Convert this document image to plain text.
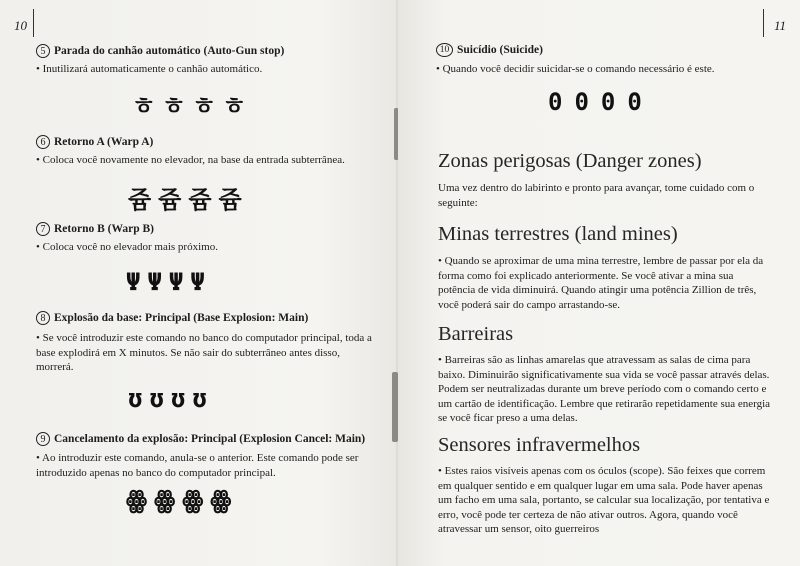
10
5 Parada do canhão automático (Auto-Gun stop)
• Inutilizará automaticamente o canhão automático.
ㅎㅎㅎㅎ
6 Retorno A (Warp A)
• Coloca você novamente no elevador, na base da entrada subterrânea.
쥼쥼쥼쥼
7 Retorno B (Warp B)
• Coloca você no elevador mais próximo.
ΨΨΨΨ
8 Explosão da base: Principal (Base Explosion: Main)
• Se você introduzir este comando no banco do computador principal, toda a base explodirá em X minutos. Se não sair do subterrâneo antes disso, morrerá.
ʊʊʊʊ
9 Cancelamento da explosão: Principal (Explosion Cancel: Main)
• Ao introduzir este comando, anula-se o anterior. Este comando pode ser introduzido apenas no banco do computador principal.
ꙮꙮꙮꙮ
11
10 Suicídio (Suicide)
• Quando você decidir suicidar-se o comando necessário é este.
0000
Zonas perigosas (Danger zones)
Uma vez dentro do labirinto e pronto para avançar, tome cuidado com o seguinte:
Minas terrestres (land mines)
• Quando se aproximar de uma mina terrestre, lembre de passar por ela da forma como foi explicado anteriormente. Se você ativar a mina sua potência de vida diminuirá. Quando atingir uma potência Zillion de três, você poderá sair do campo arrastando-se.
Barreiras
• Barreiras são as linhas amarelas que atravessam as salas de cima para baixo. Diminuirão significativamente sua vida se você passar através delas. Podem ser neutralizadas durante um breve período com o comando certo e um cartão de identificação. Lembre que retirarão repetidamente sua energia se você ficar preso a uma delas.
Sensores infravermelhos
• Estes raios visíveis apenas com os óculos (scope). São feixes que correm em qualquer sentido e em qualquer lugar em uma sala. Pode haver apenas um facho em uma sala, portanto, se calcular sua localização, por tentativa e erro, você pode ter certeza de não ativar outros. Agora, quando você atravessar um sensor, oito guerreiros
